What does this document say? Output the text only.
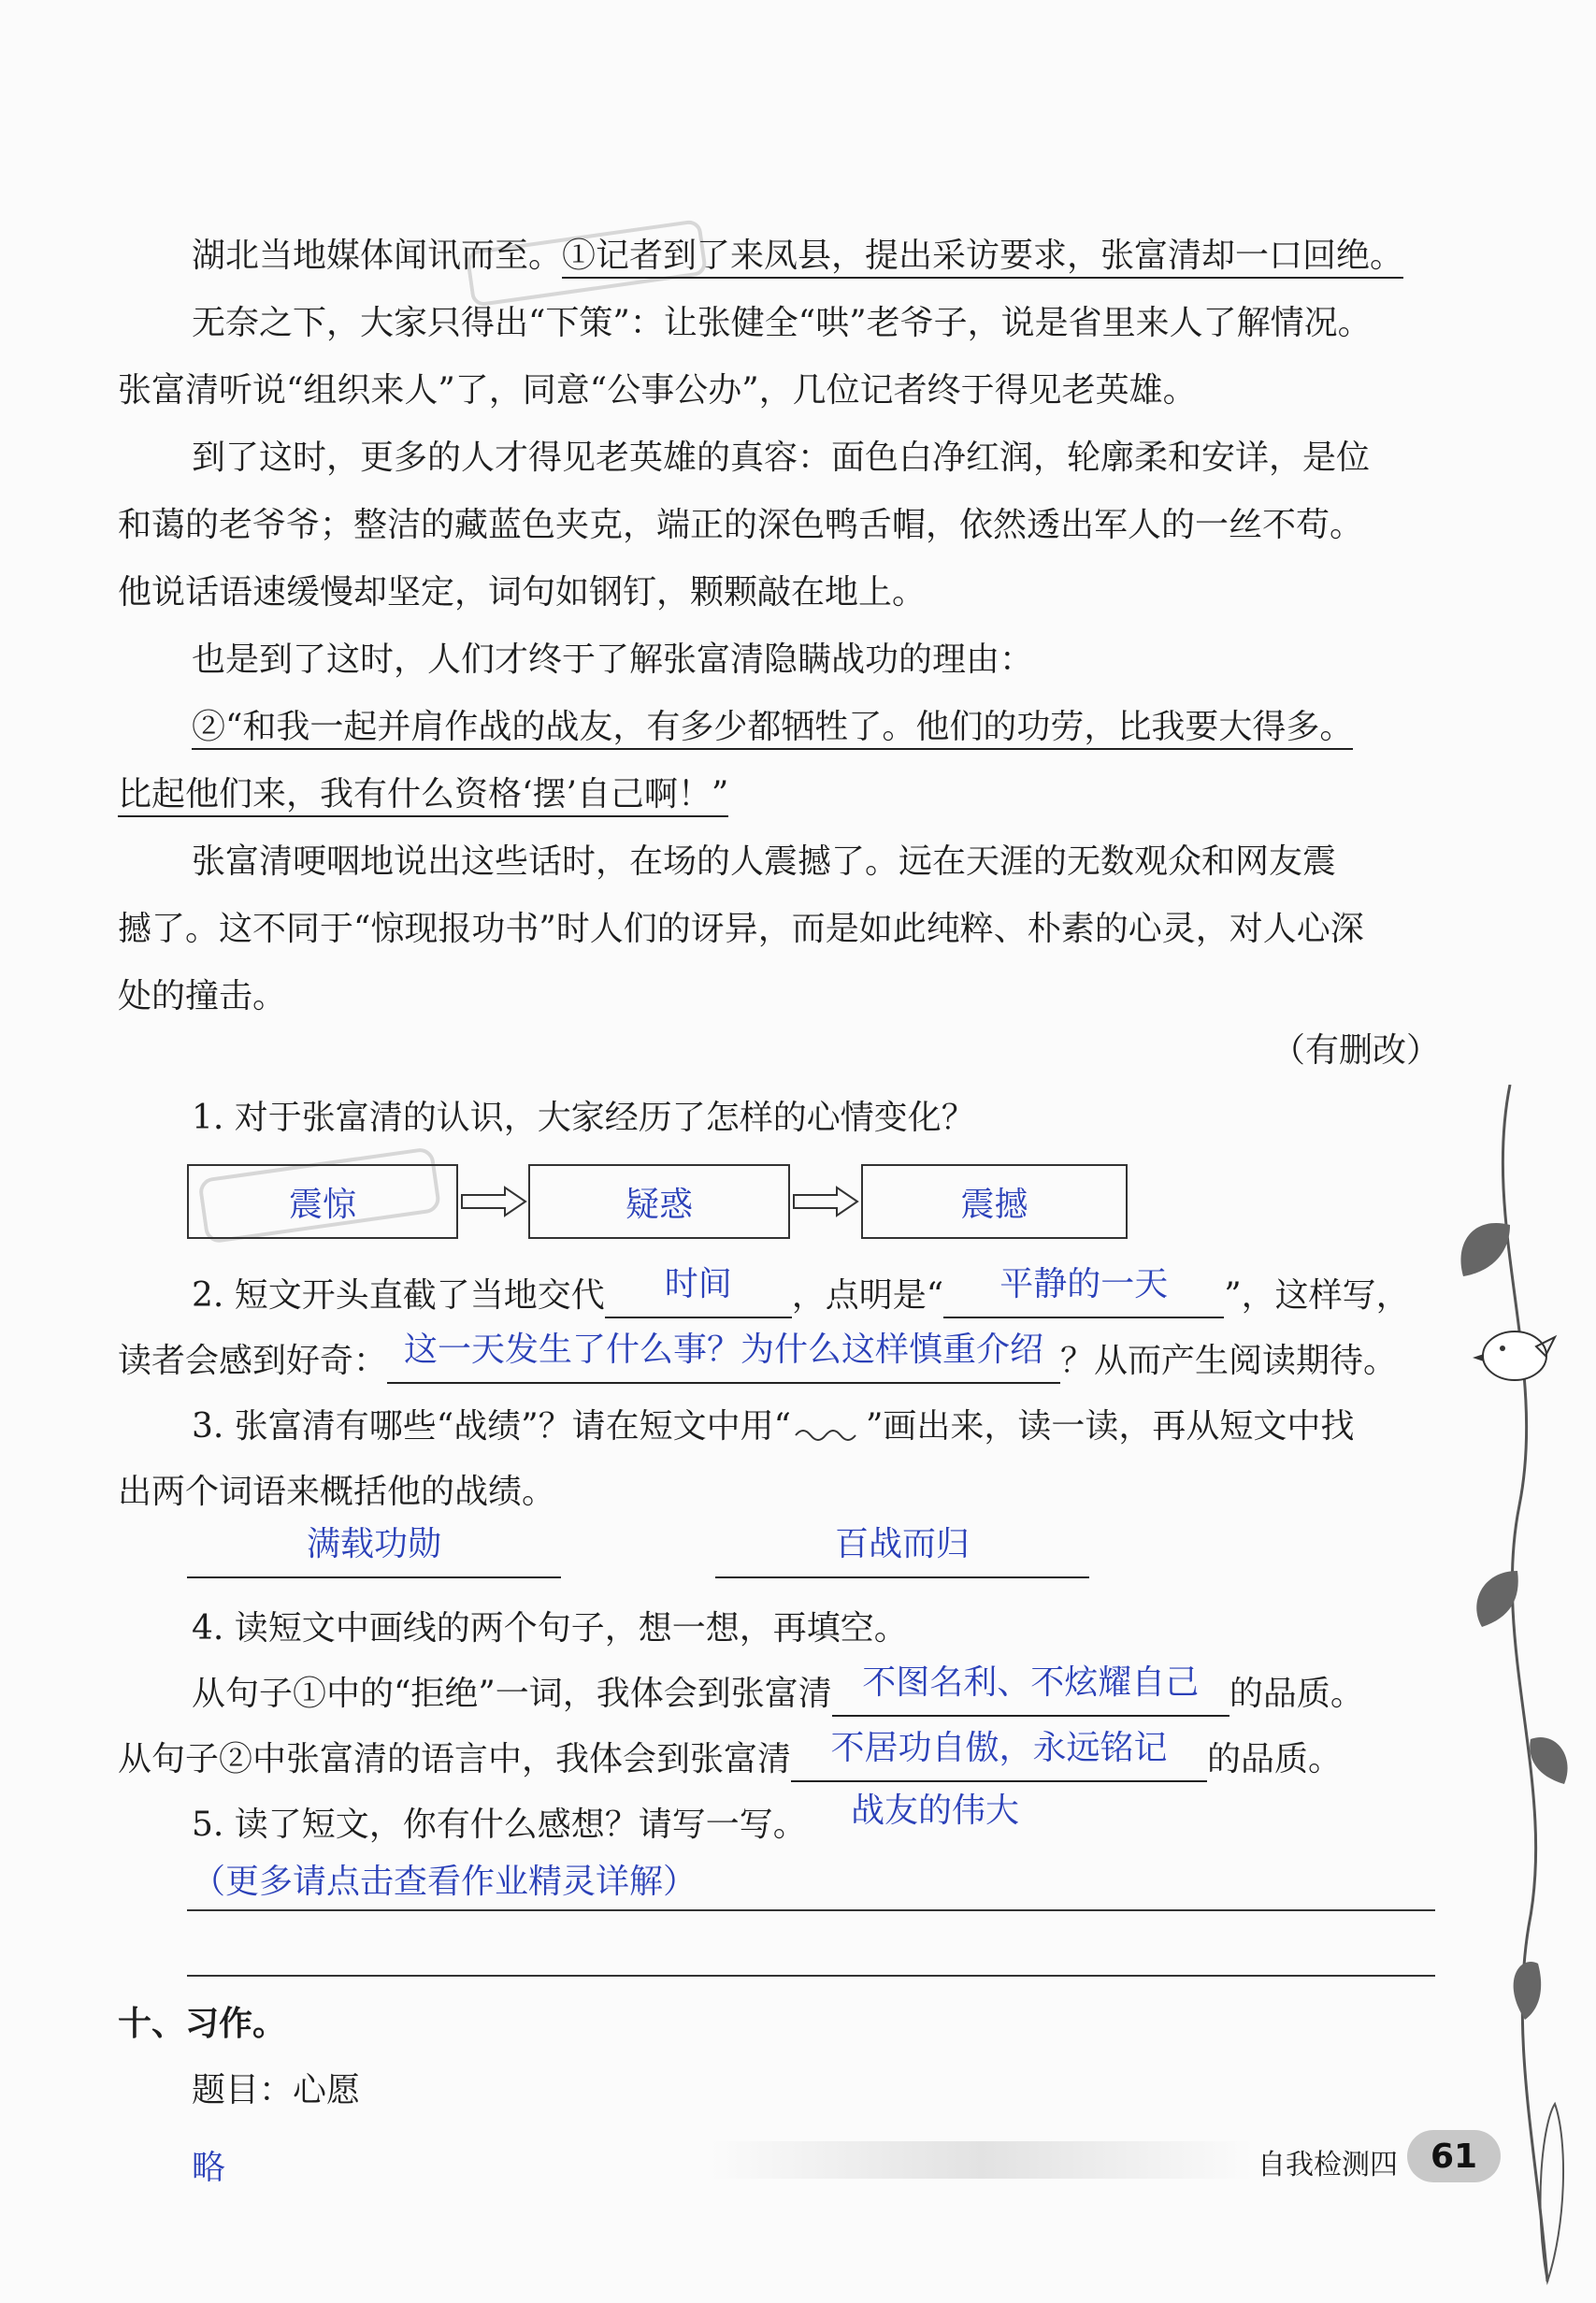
湖北当地媒体闻讯而至。①记者到了来凤县，提出采访要求，张富清却一口回绝。
无奈之下，大家只得出“下策”：让张健全“哄”老爷子，说是省里来人了解情况。
张富清听说“组织来人”了，同意“公事公办”，几位记者终于得见老英雄。
到了这时，更多的人才得见老英雄的真容：面色白净红润，轮廓柔和安详，是位
和蔼的老爷爷；整洁的藏蓝色夹克，端正的深色鸭舌帽，依然透出军人的一丝不苟。
他说话语速缓慢却坚定，词句如钢钉，颗颗敲在地上。
也是到了这时，人们才终于了解张富清隐瞒战功的理由：
②“和我一起并肩作战的战友，有多少都牺牲了。他们的功劳，比我要大得多。
比起他们来，我有什么资格‘摆’自己啊！”
张富清哽咽地说出这些话时，在场的人震撼了。远在天涯的无数观众和网友震
撼了。这不同于“惊现报功书”时人们的讶异，而是如此纯粹、朴素的心灵，对人心深
处的撞击。
（有删改）
1. 对于张富清的认识，大家经历了怎样的心情变化？
震惊	疑惑	震撼
2. 短文开头直截了当地交代 时间 ，点明是“ 平静的一天 ”，这样写，
读者会感到好奇： 这一天发生了什么事？为什么这样慎重介绍 ？从而产生阅读期待。
3. 张富清有哪些“战绩”？请在短文中用“ ”画出来，读一读，再从短文中找
出两个词语来概括他的战绩。
满载功勋	百战而归
4. 读短文中画线的两个句子，想一想，再填空。
从句子①中的“拒绝”一词，我体会到张富清 不图名利、不炫耀自己 的品质。
从句子②中张富清的语言中，我体会到张富清 不居功自傲，永远铭记 的品质。
5. 读了短文，你有什么感想？请写一写。	战友的伟大
（更多请点击查看作业精灵详解）
十、习作。
题目：心愿
略	自我检测四 61
